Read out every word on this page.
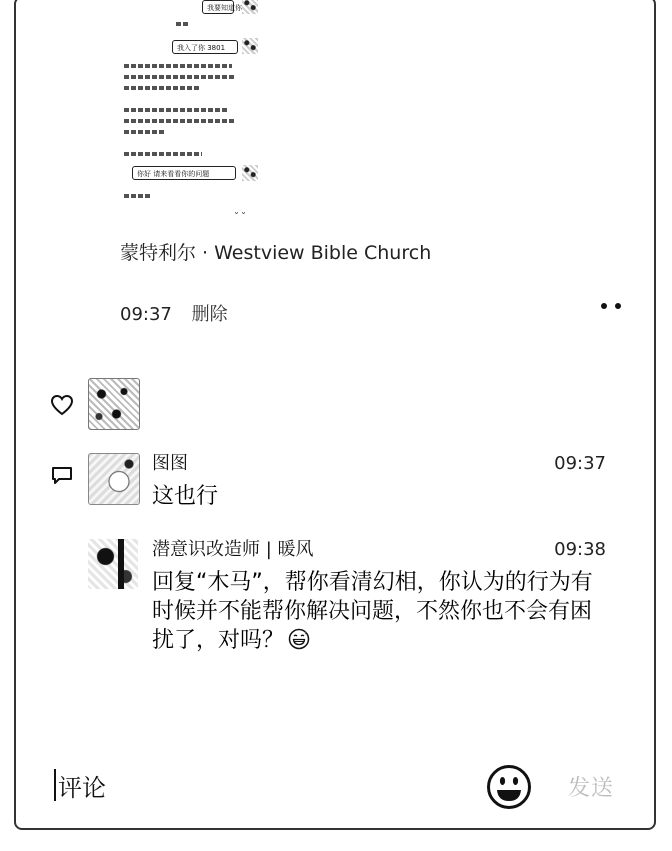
我要知道你
我入了你 3801
你好 请来看看你的问题
˘˘
蒙特利尔 · Westview Bible Church
09:37 删除
图图	09:37
这也行
潜意识改造师 | 暖风	09:38
回复“木马”，帮你看清幻相，你认为的行为有时候并不能帮你解决问题，不然你也不会有困扰了，对吗？
评论	发送
